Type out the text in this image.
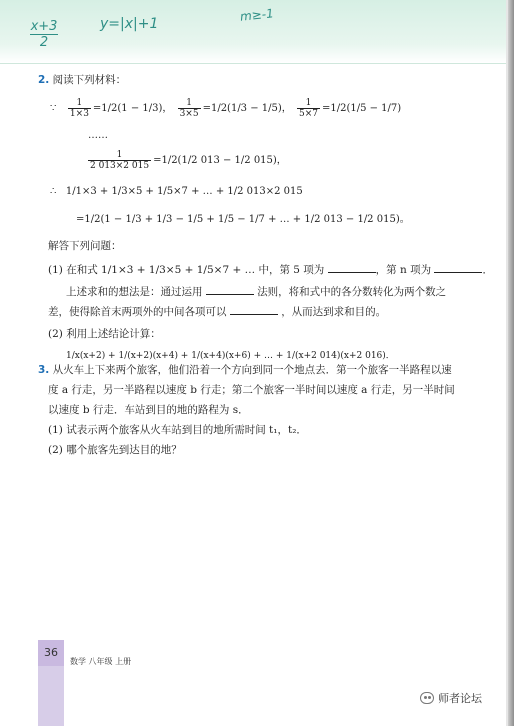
x+3
2
y=|x|+1
m≥-1
2. 阅读下列材料：
∵ $\frac{1}{1\times 3} =1/2(1 - 1/3)$， $\frac{1}{3\times 5} =1/2(1/3 - 1/5)$， $\frac{1}{5\times 7} =1/2(1/5 - 1/7)$
……
$\frac{1}{2 013\times 2 015} =1/2(1/2$ 013 − 1/2 015)，
∴ 1/1×3 + 1/3×5 + 1/5×7 + … + 1/2 013×2 015
=1/2(1 − 1/3 + 1/3 − 1/5 + 1/5 − 1/7 + … + 1/2 013 − 1/2 015)。
解答下列问题：
(1) 在和式 1/1×3 + 1/3×5 + 1/5×7 + … 中，第 5 项为	，第 n 项为	．
上述求和的想法是：通过运用	法则，将和式中的各分数转化为两个数之
差，使得除首末两项外的中间各项可以	，从而达到求和目的。
(2) 利用上述结论计算：
1/x(x+2) + 1/(x+2)(x+4) + 1/(x+4)(x+6) + … + 1/(x+2 014)(x+2 016)．
3. 从火车上下来两个旅客，他们沿着一个方向到同一个地点去．第一个旅客一半路程以速
度 a 行走，另一半路程以速度 b 行走；第二个旅客一半时间以速度 a 行走，另一半时间
以速度 b 行走．车站到目的地的路程为 s．
(1) 试表示两个旅客从火车站到目的地所需时间 t₁，t₂．
(2) 哪个旅客先到达目的地？
36
数学 八年级 上册
师者论坛
